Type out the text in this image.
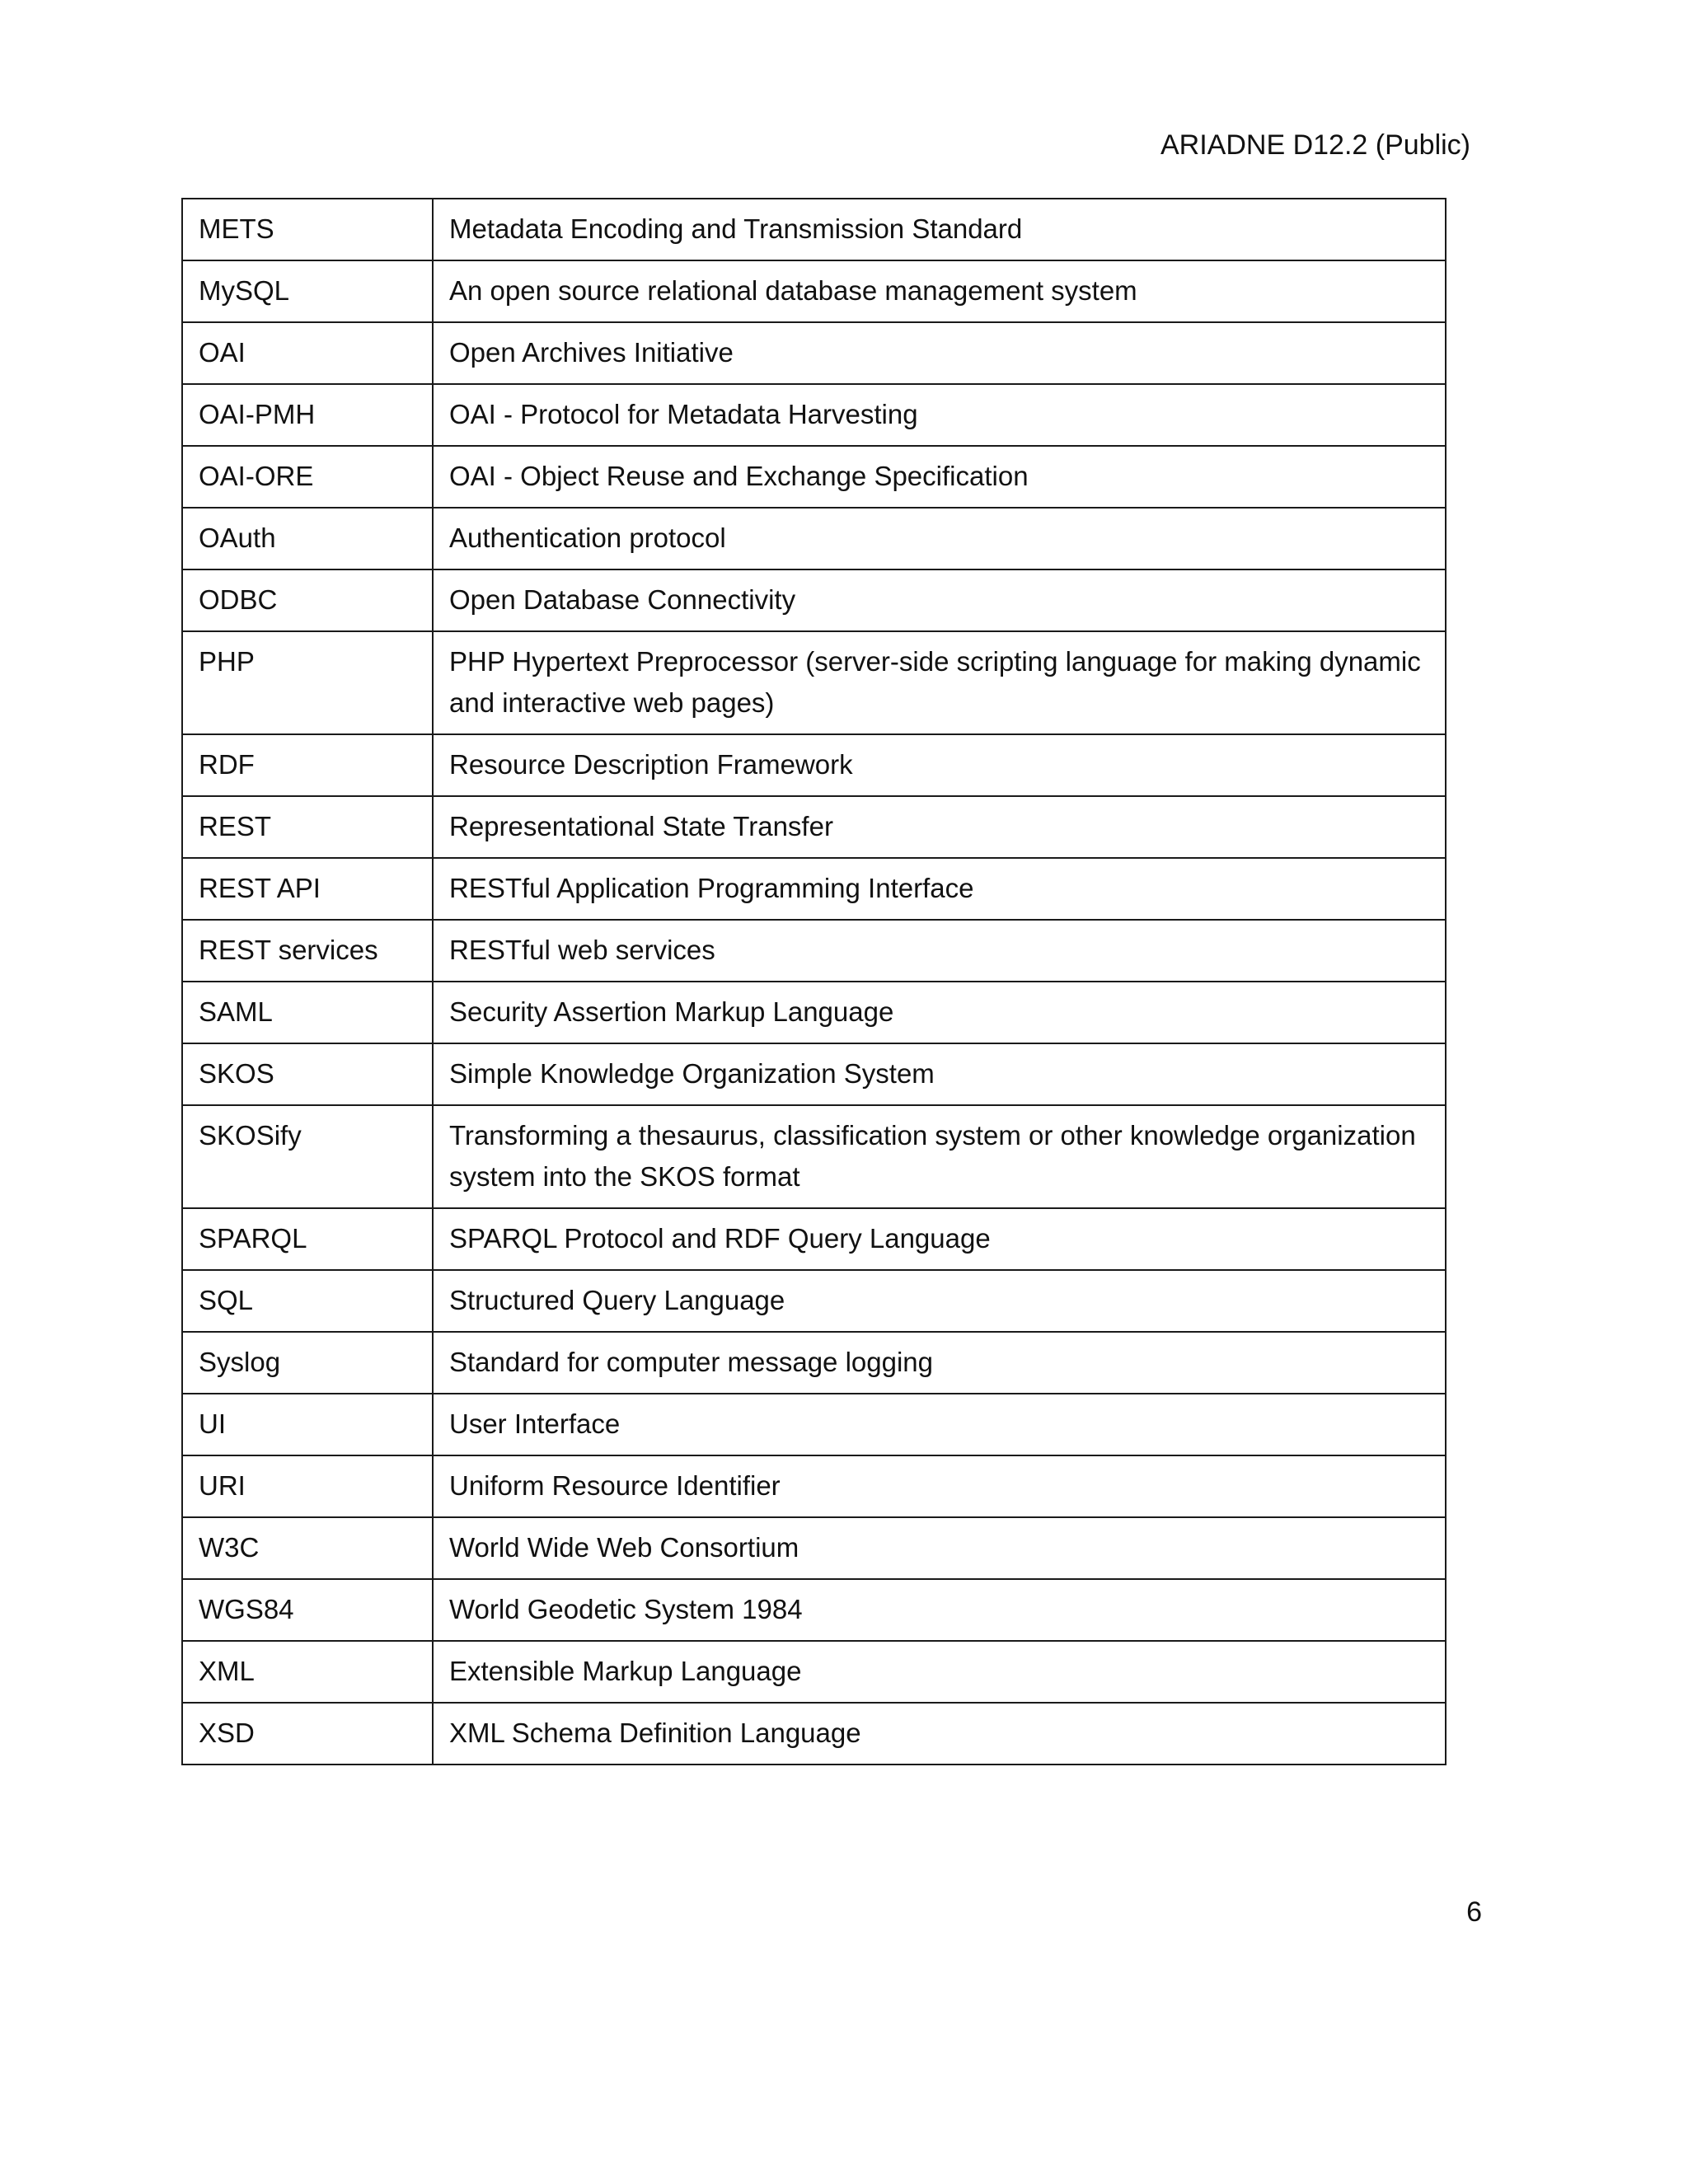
ARIADNE D12.2 (Public)
METS	Metadata Encoding and Transmission Standard
MySQL	An open source relational database management system
OAI	Open Archives Initiative
OAI-PMH	OAI - Protocol for Metadata Harvesting
OAI-ORE	OAI - Object Reuse and Exchange Specification
OAuth	Authentication protocol
ODBC	Open Database Connectivity
PHP	PHP Hypertext Preprocessor (server-side scripting language for making dynamic and interactive web pages)
RDF	Resource Description Framework
REST	Representational State Transfer
REST API	RESTful Application Programming Interface
REST services	RESTful web services
SAML	Security Assertion Markup Language
SKOS	Simple Knowledge Organization System
SKOSify	Transforming a thesaurus, classification system or other knowledge organization system into the SKOS format
SPARQL	SPARQL Protocol and RDF Query Language
SQL	Structured Query Language
Syslog	Standard for computer message logging
UI	User Interface
URI	Uniform Resource Identifier
W3C	World Wide Web Consortium
WGS84	World Geodetic System 1984
XML	Extensible Markup Language
XSD	XML Schema Definition Language
6
